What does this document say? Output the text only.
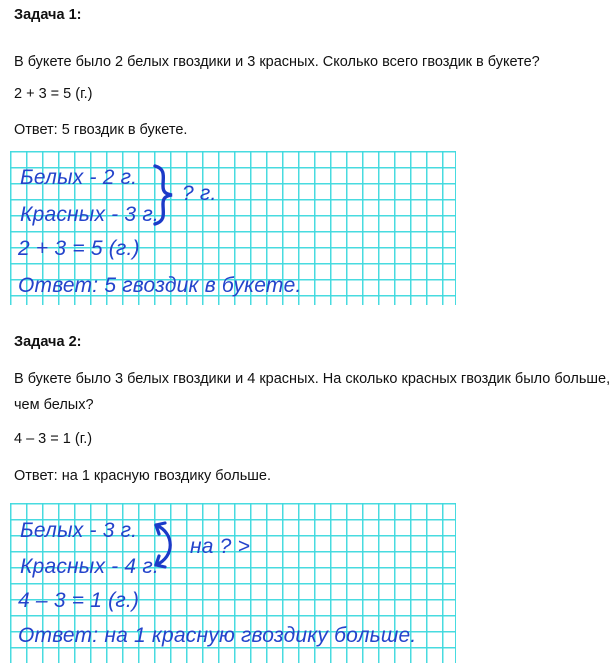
Задача 1:
В букете было 2 белых гвоздики и 3 красных. Сколько всего гвоздик в букете?
2 + 3 = 5 (г.)
Ответ: 5 гвоздик в букете.
Белых - 2 г.
Красных - 3 г.
? г.
2 + 3 = 5 (г.)
Ответ: 5 гвоздик в букете.
Задача 2:
В букете было 3 белых гвоздики и 4 красных. На сколько красных гвоздик было больше, чем белых?
4 – 3 = 1 (г.)
Ответ: на 1 красную гвоздику больше.
Белых - 3 г.
Красных - 4 г.
на ? >
4 – 3 = 1 (г.)
Ответ: на 1 красную гвоздику больше.
